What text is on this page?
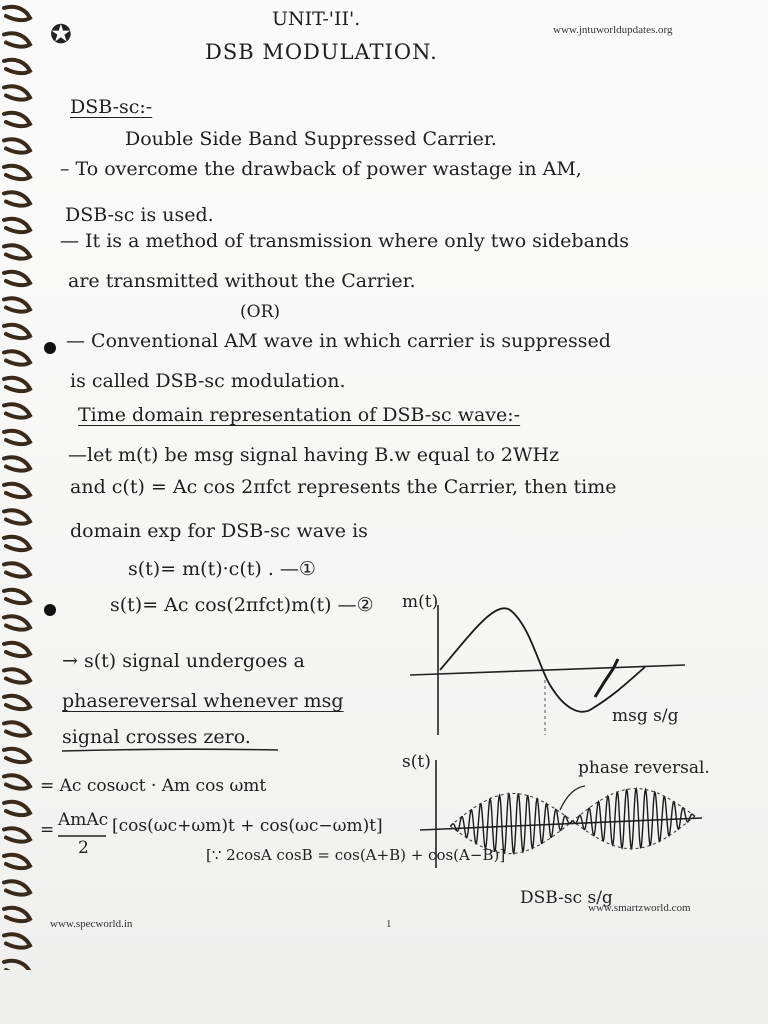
✪
UNIT-'II'.	www.jntuworldupdates.org
DSB MODULATION.
DSB-sc:-
Double Side Band Suppressed Carrier.
– To overcome the drawback of power wastage in AM,
DSB-sc is used.
— It is a method of transmission where only two sidebands
are transmitted without the Carrier.
(OR)
— Conventional AM wave in which carrier is suppressed
is called DSB-sc modulation.
Time domain representation of DSB-sc wave:-
—let m(t) be msg signal having B.w equal to 2WHz
and c(t) = Ac cos 2πfct represents the Carrier, then time
domain exp for DSB-sc wave is
s(t)= m(t)·c(t) . —①
s(t)= Ac cos(2πfct)m(t) —②
→ s(t) signal undergoes a
phasereversal whenever msg
signal crosses zero.
= Ac cosωct · Am cos ωmt
= AmAc
2
[cos(ωc+ωm)t + cos(ωc−ωm)t]
[∵ 2cosA cosB = cos(A+B) + cos(A−B)]
m(t)
msg s/g
s(t)	phase reversal.
DSB-sc s/g
www.specworld.in	1
www.smartzworld.com
